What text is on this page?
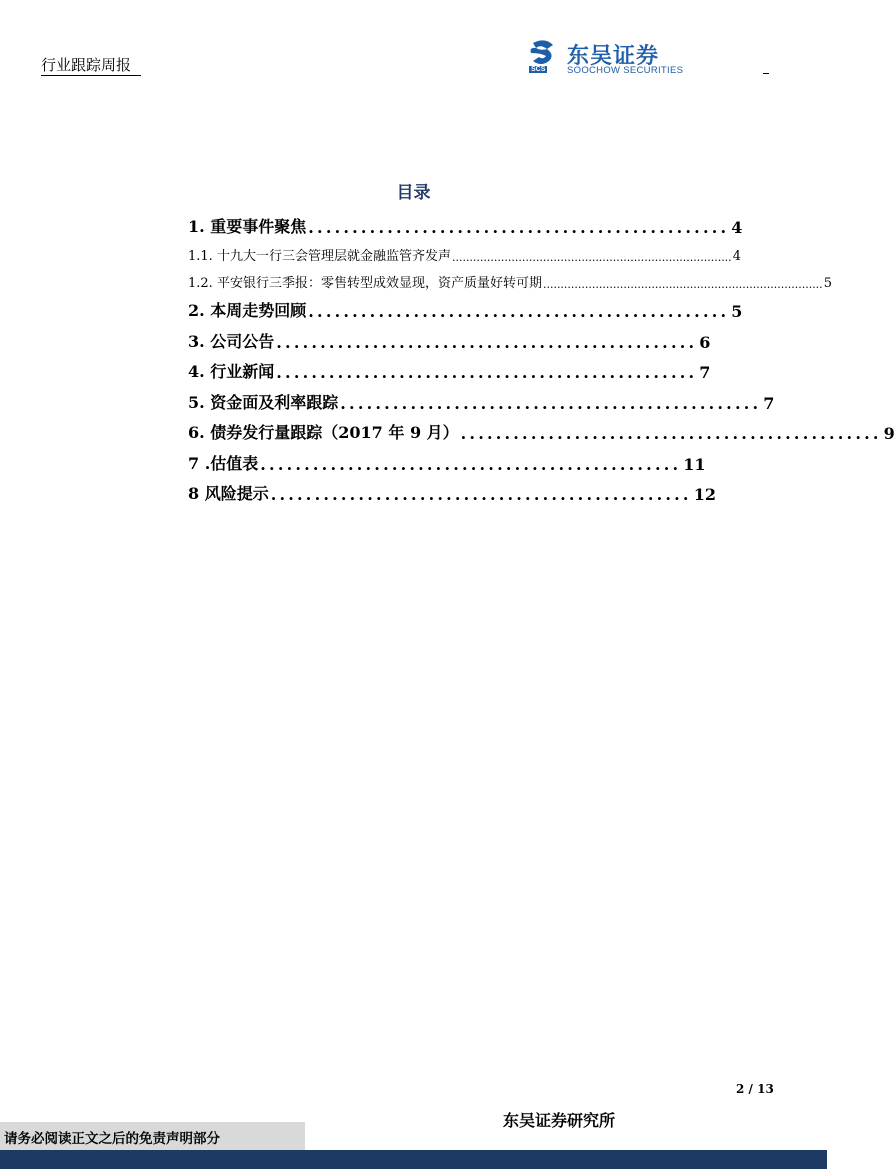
行业跟踪周报	SCS
东吴证券
SOOCHOW SECURITIES
目录
1. 重要事件聚焦 ................................................ 4
1.1. 十九大一行三会管理层就金融监管齐发声 ................................................................................ 4
1.2. 平安银行三季报：零售转型成效显现，资产质量好转可期 ................................................................................ 5
2. 本周走势回顾 ................................................ 5
3. 公司公告 ................................................ 6
4. 行业新闻 ................................................ 7
5. 资金面及利率跟踪 ................................................ 7
6. 债券发行量跟踪（2017 年 9 月） ................................................ 9
7 .估值表 ................................................ 11
8 风险提示 ................................................ 12
2 / 13
东吴证券研究所
请务必阅读正文之后的免责声明部分
